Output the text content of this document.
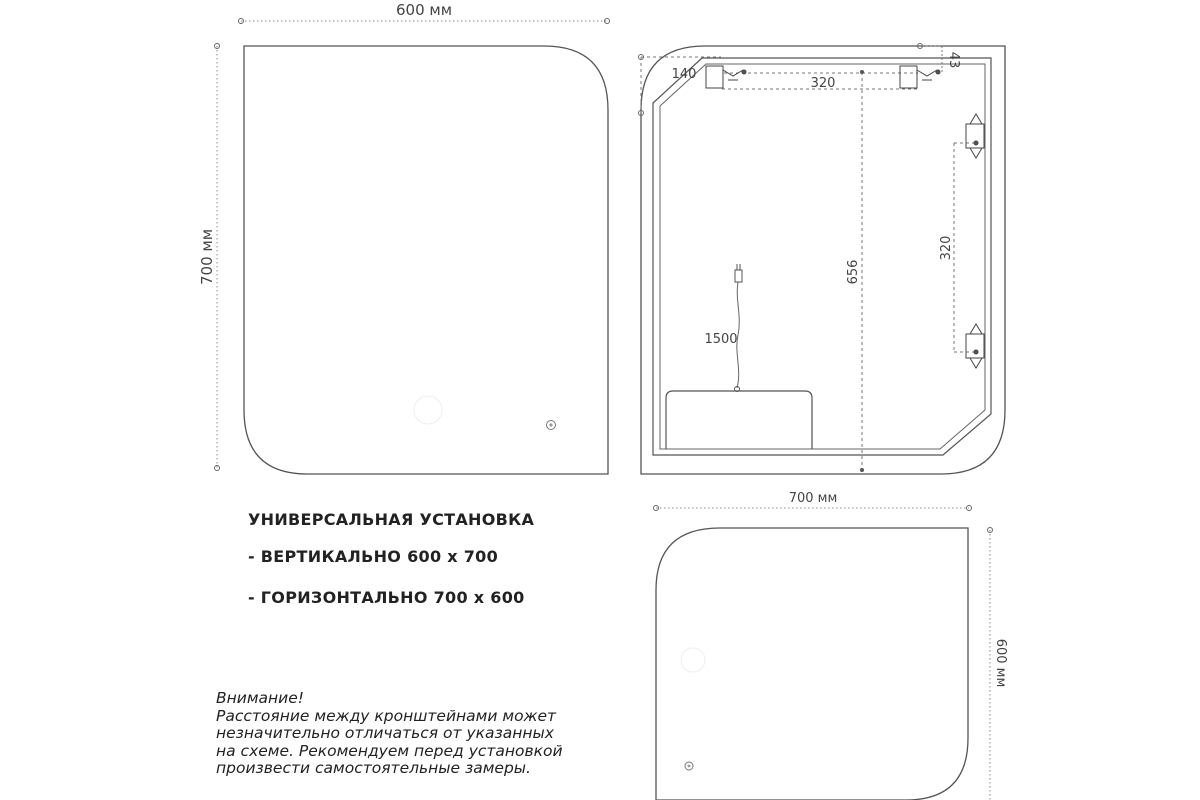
600 мм
700 мм
140
43
320
656
320
1500
700 мм
600 мм
УНИВЕРСАЛЬНАЯ УСТАНОВКА
- ВЕРТИКАЛЬНО 600 х 700
- ГОРИЗОНТАЛЬНО 700 х 600
Внимание!
Расстояние между кронштейнами может
незначительно отличаться от указанных
на схеме. Рекомендуем перед установкой
произвести самостоятельные замеры.
